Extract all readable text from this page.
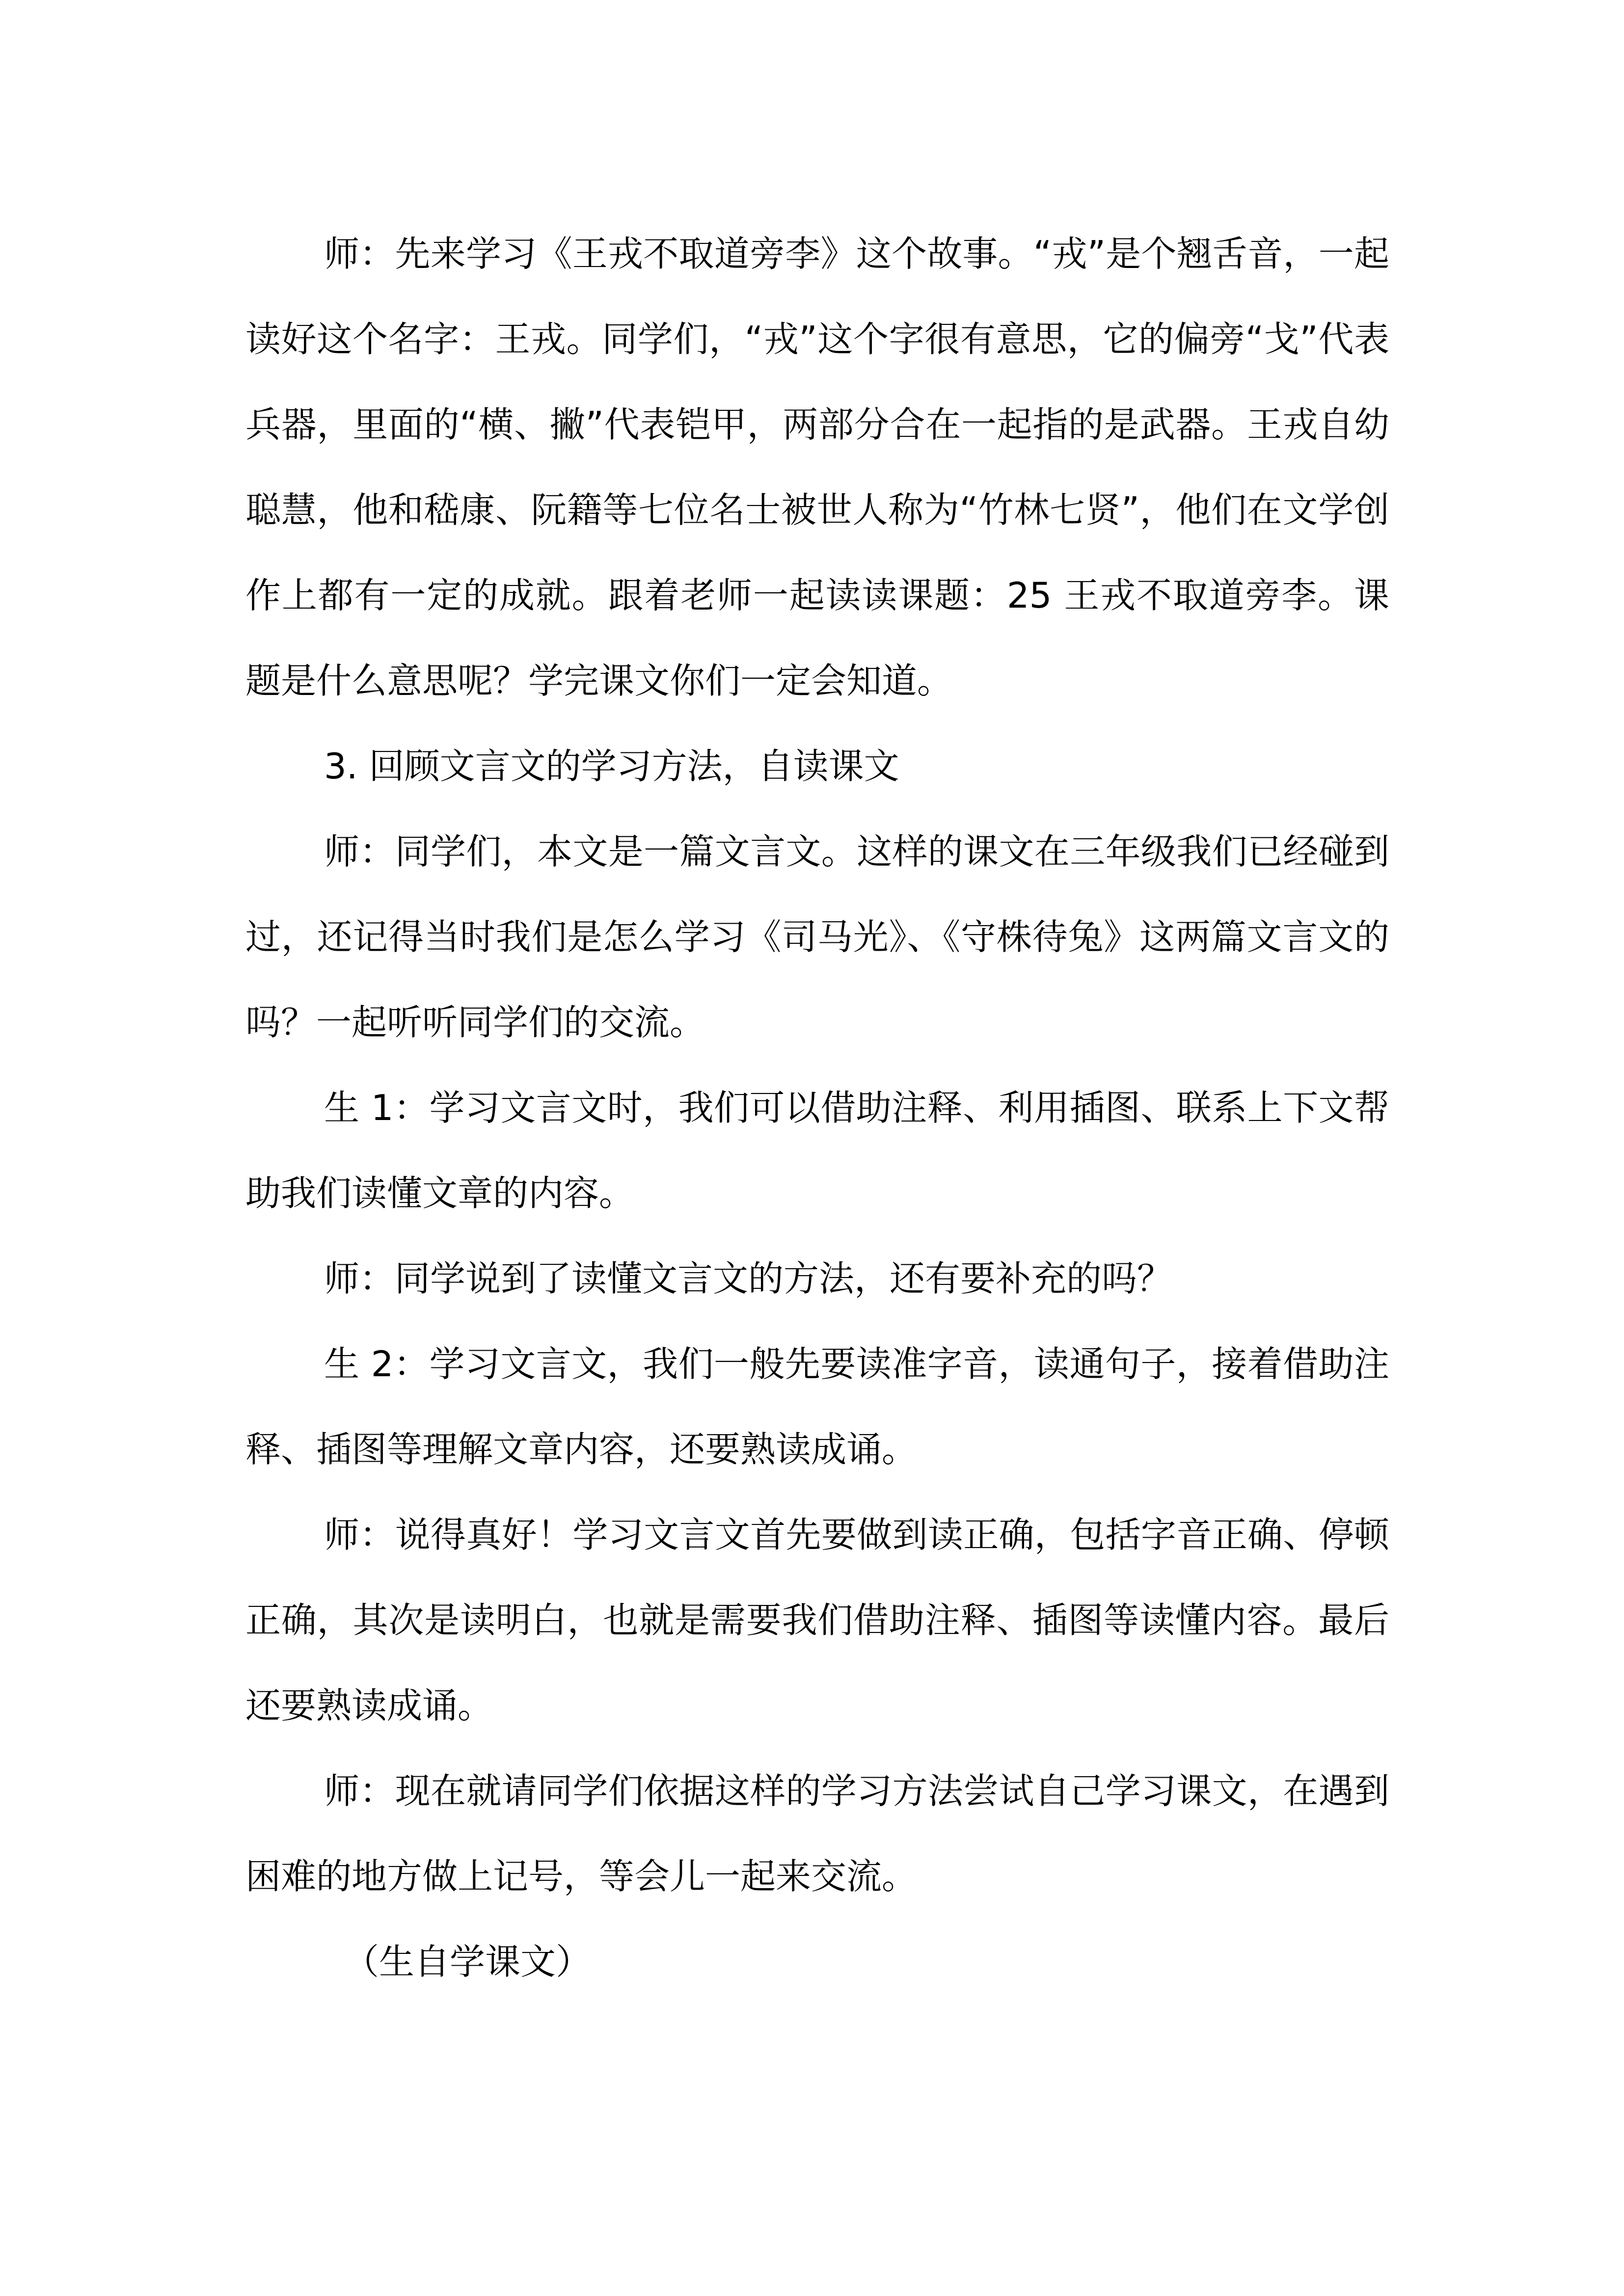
师：先来学习《王戎不取道旁李》这个故事。“戎”是个翘舌音，一起读好这个名字：王戎。同学们，“戎”这个字很有意思，它的偏旁“戈”代表兵器，里面的“横、撇”代表铠甲，两部分合在一起指的是武器。王戎自幼聪慧，他和嵇康、阮籍等七位名士被世人称为“竹林七贤”，他们在文学创作上都有一定的成就。跟着老师一起读读课题：25 王戎不取道旁李。课题是什么意思呢？学完课文你们一定会知道。

3. 回顾文言文的学习方法，自读课文

师：同学们，本文是一篇文言文。这样的课文在三年级我们已经碰到过，还记得当时我们是怎么学习《司马光》、《守株待兔》这两篇文言文的吗？一起听听同学们的交流。

生 1：学习文言文时，我们可以借助注释、利用插图、联系上下文帮助我们读懂文章的内容。

师：同学说到了读懂文言文的方法，还有要补充的吗？

生 2：学习文言文，我们一般先要读准字音，读通句子，接着借助注释、插图等理解文章内容，还要熟读成诵。

师：说得真好！学习文言文首先要做到读正确，包括字音正确、停顿正确，其次是读明白，也就是需要我们借助注释、插图等读懂内容。最后还要熟读成诵。

师：现在就请同学们依据这样的学习方法尝试自己学习课文，在遇到困难的地方做上记号，等会儿一起来交流。

（生自学课文）
